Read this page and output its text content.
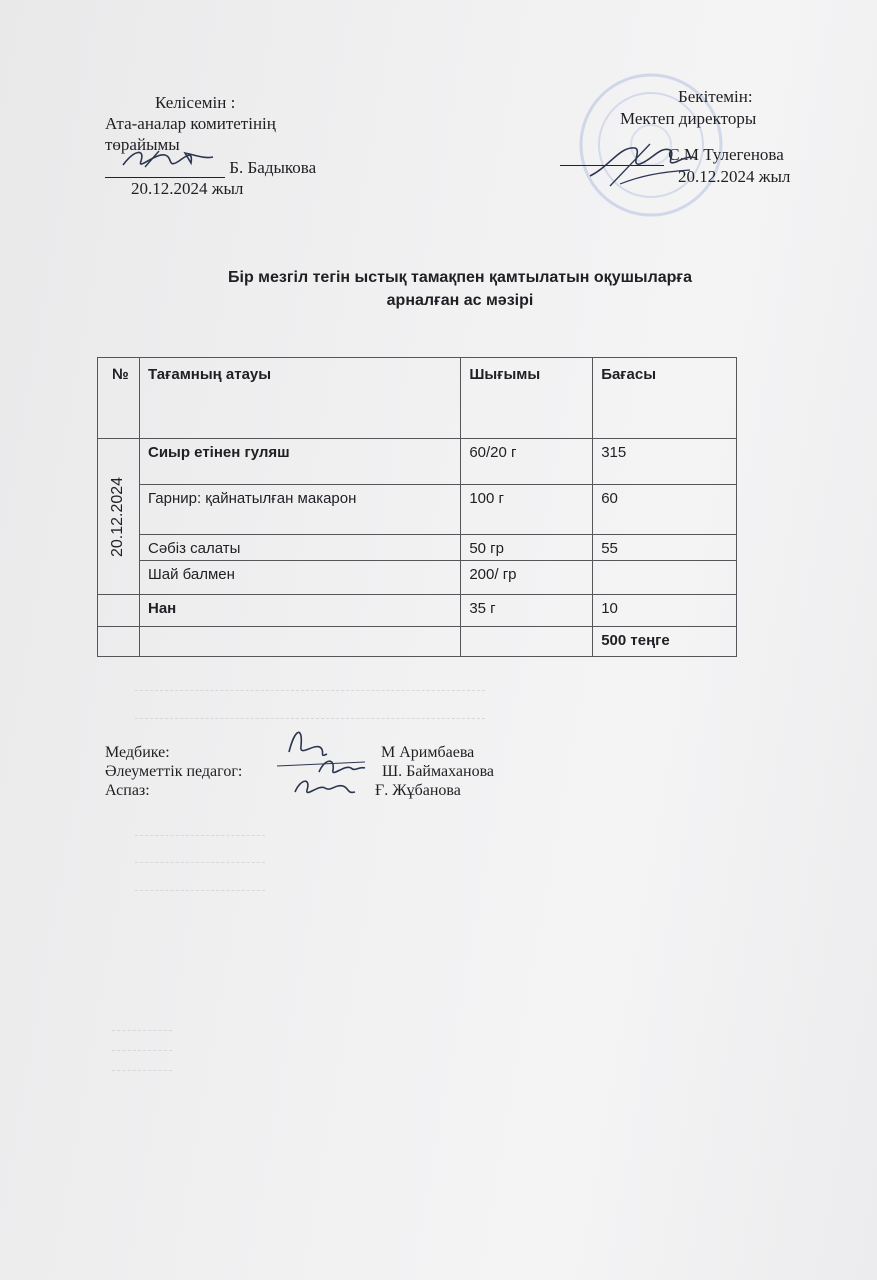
Келісемін :
Ата-аналар комитетінің
төрайымы
Б. Бадыкова
20.12.2024 жыл
Бекітемін:
Мектеп директоры
С.М Тулегенова
20.12.2024 жыл
Бір мезгіл тегін ыстық тамақпен қамтылатын оқушыларға
арналған ас мәзірі
№	Тағамның атауы	Шығымы	Бағасы

20.12.2024	Сиыр етінен гуляш	60/20 г	315
	Гарнир: қайнатылған макарон	100 г	60
	Сәбіз салаты	50 гр	55
	Шай балмен	200/ гр	
	Нан	35 г	10
			500 теңге
Медбике:	М Аримбаева
Әлеуметтік педагог:	Ш. Баймаханова
Аспаз:	Ғ. Жұбанова
